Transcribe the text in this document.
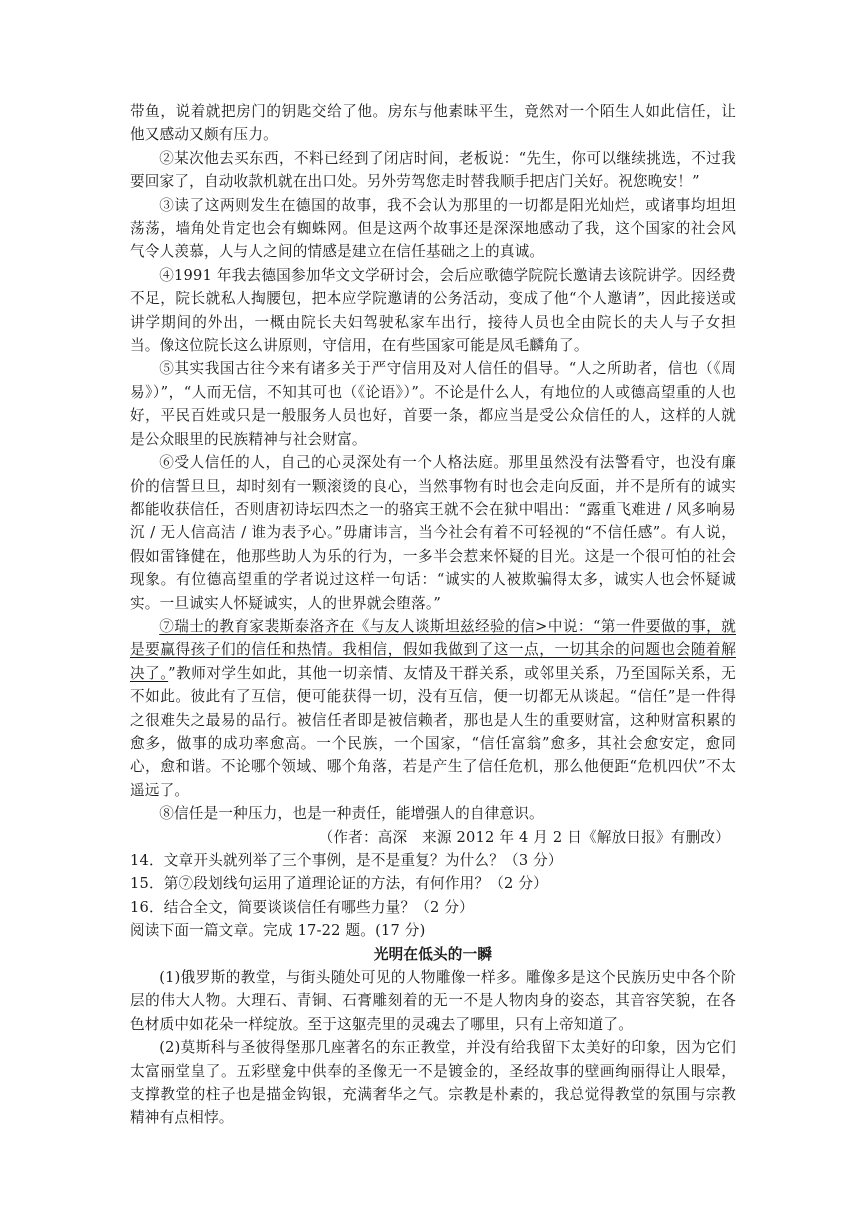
带鱼，说着就把房门的钥匙交给了他。房东与他素昧平生，竟然对一个陌生人如此信任，让他又感动又颇有压力。

②某次他去买东西，不料已经到了闭店时间，老板说：“先生，你可以继续挑选，不过我要回家了，自动收款机就在出口处。另外劳驾您走时替我顺手把店门关好。祝您晚安！”

③读了这两则发生在德国的故事，我不会认为那里的一切都是阳光灿烂，或诸事均坦坦荡荡，墙角处肯定也会有蜘蛛网。但是这两个故事还是深深地感动了我，这个国家的社会风气令人羡慕，人与人之间的情感是建立在信任基础之上的真诚。

④1991 年我去德国参加华文文学研讨会，会后应歌德学院院长邀请去该院讲学。因经费不足，院长就私人掏腰包，把本应学院邀请的公务活动，变成了他“个人邀请”，因此接送或讲学期间的外出，一概由院长夫妇驾驶私家车出行，接待人员也全由院长的夫人与子女担当。像这位院长这么讲原则，守信用，在有些国家可能是凤毛麟角了。

⑤其实我国古往今来有诸多关于严守信用及对人信任的倡导。“人之所助者，信也（《周易》）”，“人而无信，不知其可也（《论语》）”。不论是什么人，有地位的人或德高望重的人也好，平民百姓或只是一般服务人员也好，首要一条，都应当是受公众信任的人，这样的人就是公众眼里的民族精神与社会财富。

⑥受人信任的人，自己的心灵深处有一个人格法庭。那里虽然没有法警看守，也没有廉价的信誓旦旦，却时刻有一颗滚烫的良心，当然事物有时也会走向反面，并不是所有的诚实都能收获信任，否则唐初诗坛四杰之一的骆宾王就不会在狱中唱出：“露重飞难进 / 风多响易沉 / 无人信高洁 / 谁为表予心。”毋庸讳言，当今社会有着不可轻视的“不信任感”。有人说，假如雷锋健在，他那些助人为乐的行为，一多半会惹来怀疑的目光。这是一个很可怕的社会现象。有位德高望重的学者说过这样一句话：“诚实的人被欺骗得太多，诚实人也会怀疑诚实。一旦诚实人怀疑诚实，人的世界就会堕落。”

⑦瑞士的教育家裴斯泰洛齐在《与友人谈斯坦兹经验的信>中说：“第一件要做的事，就是要赢得孩子们的信任和热情。我相信，假如我做到了这一点，一切其余的问题也会随着解决了。”教师对学生如此，其他一切亲情、友情及干群关系，或邻里关系，乃至国际关系，无不如此。彼此有了互信，便可能获得一切，没有互信，便一切都无从谈起。“信任”是一件得之很难失之最易的品行。被信任者即是被信赖者，那也是人生的重要财富，这种财富积累的愈多，做事的成功率愈高。一个民族，一个国家，“信任富翁”愈多，其社会愈安定，愈同心，愈和谐。不论哪个领域、哪个角落，若是产生了信任危机，那么他便距“危机四伏”不太遥远了。

⑧信任是一种压力，也是一种责任，能增强人的自律意识。

（作者：高深　来源 2012 年 4 月 2 日《解放日报》有删改）

14．文章开头就列举了三个事例，是不是重复？为什么？（3 分）

15．第⑦段划线句运用了道理论证的方法，有何作用？（2 分）

16．结合全文，简要谈谈信任有哪些力量？（2 分）

阅读下面一篇文章。完成 17-22 题。(17 分)

光明在低头的一瞬

(1)俄罗斯的教堂，与街头随处可见的人物雕像一样多。雕像多是这个民族历史中各个阶层的伟大人物。大理石、青铜、石膏雕刻着的无一不是人物肉身的姿态，其音容笑貌，在各色材质中如花朵一样绽放。至于这躯壳里的灵魂去了哪里，只有上帝知道了。

(2)莫斯科与圣彼得堡那几座著名的东正教堂，并没有给我留下太美好的印象，因为它们太富丽堂皇了。五彩壁龛中供奉的圣像无一不是镀金的，圣经故事的壁画绚丽得让人眼晕，支撑教堂的柱子也是描金钩银，充满奢华之气。宗教是朴素的，我总觉得教堂的氛围与宗教精神有点相悖。
